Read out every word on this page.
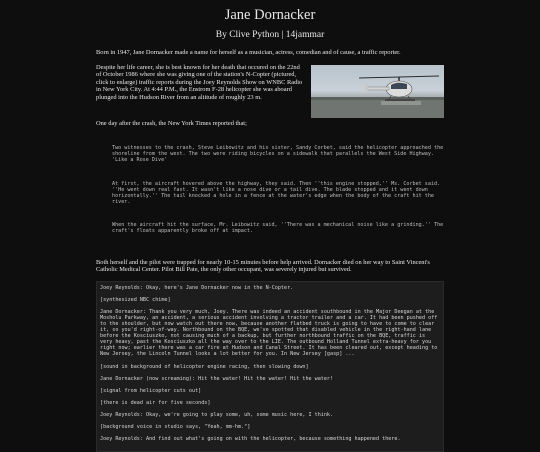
Jane Dornacker
By Clive Python | 14jammar

Born in 1947, Jane Dornacker made a name for herself as a musician, actress, comedian and of cause, a traffic reporter.

Despite her life career, she is best known for her death that occured on the 22nd of October 1986 where she was giving one of the station's N-Copter (pictured, click to enlarge) traffic reports during the Joey Reynolds Show on WNBC Radio in New York City. At 4:44 P.M., the Enstrom F-28 helicopter she was aboard plunged into the Hudson River from an altitude of roughly 23 m.

One day after the crash, the New York Times reported that;

Two witnesses to the crash, Steve Leibowitz and his sister, Sandy Corbet, said the helicopter approached the shoreline from the west. The two were riding bicycles on a sidewalk that parallels the West Side Highway. 'Like a Rose Dive'

At first, the aircraft hovered above the highway, they said. Then ''this engine stopped,'' Ms. Corbet said. ''He went down real fast. It wasn't like a nose dive or a tail dive. The blade stopped and it went down horizontally.'' The tail knocked a hole in a fence at the water's edge when the body of the craft hit the river.

When the aircraft hit the surface, Mr. Leibowitz said, ''There was a mechanical noise like a grinding.'' The craft's floats apparently broke off at impact.

Both herself and the pilot were trapped for nearly 10-15 minutes before help arrived. Dornacker died on her way to Saint Vincent's Catholic Medical Center. Pilot Bill Pate, the only other occupant, was severely injured but survived.

Joey Reynolds: Okay, here's Jane Dornacker now in the N-Copter.
[synthesized NBC chime]
Jane Dornacker: Thank you very much, Joey. There was indeed an accident southbound in the Major Deegan at the Mosholu Parkway, an accident, a serious accident involving a tractor trailer and a car. It had been pushed off to the shoulder, but now watch out there now, because another flatbed truck is going to have to come to clear it, so you'd right-of-way. Northbound on the BQE, we've spotted that disabled vehicle in the right-hand lane before the Kosciuszko, not causing much of a backup, but further northbound traffic on the BQE, traffic is very heavy, past the Kosciuszko all the way over to the LIE. The outbound Holland Tunnel extra-heavy for you right now; earlier there was a car fire at Hudson and Canal Street. It has been cleared out, except heading to New Jersey, the Lincoln Tunnel looks a lot better for you. In New Jersey [gasp] ...
[sound in background of helicopter engine racing, then slowing down]
Jane Dornacker (now screaming): Hit the water! Hit the water! Hit the water!
[signal from helicopter cuts out]
[there is dead air for five seconds]
Joey Reynolds: Okay, we're going to play some, uh, some music here, I think.
[background voice in studio says, "Yeah, mm-hm."]
Joey Reynolds: And find out what's going on with the helicopter, because something happened there.
